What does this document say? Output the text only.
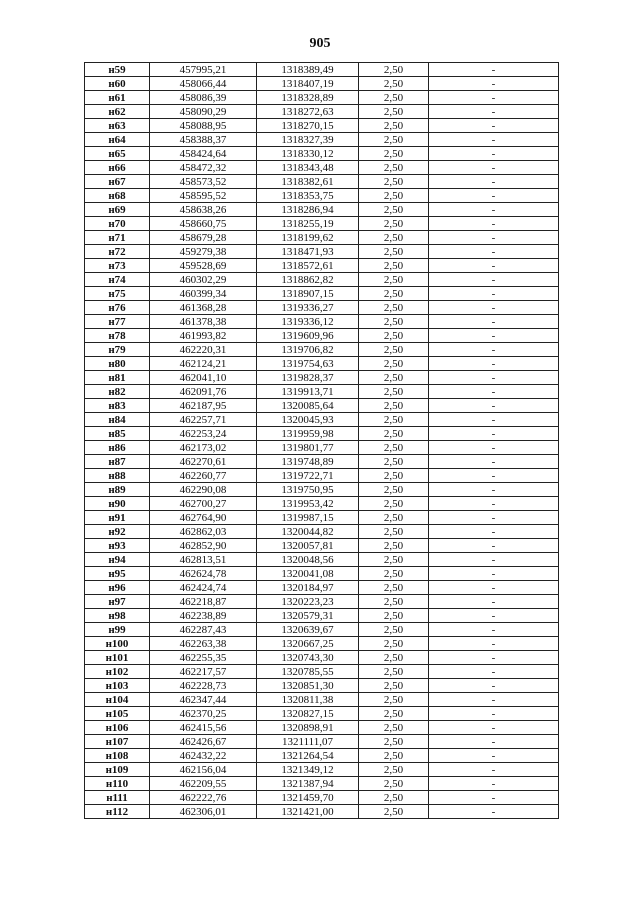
905
н59	457995,21	1318389,49	2,50	-
н60	458066,44	1318407,19	2,50	-
н61	458086,39	1318328,89	2,50	-
н62	458090,29	1318272,63	2,50	-
н63	458088,95	1318270,15	2,50	-
н64	458388,37	1318327,39	2,50	-
н65	458424,64	1318330,12	2,50	-
н66	458472,32	1318343,48	2,50	-
н67	458573,52	1318382,61	2,50	-
н68	458595,52	1318353,75	2,50	-
н69	458638,26	1318286,94	2,50	-
н70	458660,75	1318255,19	2,50	-
н71	458679,28	1318199,62	2,50	-
н72	459279,38	1318471,93	2,50	-
н73	459528,69	1318572,61	2,50	-
н74	460302,29	1318862,82	2,50	-
н75	460399,34	1318907,15	2,50	-
н76	461368,28	1319336,27	2,50	-
н77	461378,38	1319336,12	2,50	-
н78	461993,82	1319609,96	2,50	-
н79	462220,31	1319706,82	2,50	-
н80	462124,21	1319754,63	2,50	-
н81	462041,10	1319828,37	2,50	-
н82	462091,76	1319913,71	2,50	-
н83	462187,95	1320085,64	2,50	-
н84	462257,71	1320045,93	2,50	-
н85	462253,24	1319959,98	2,50	-
н86	462173,02	1319801,77	2,50	-
н87	462270,61	1319748,89	2,50	-
н88	462260,77	1319722,71	2,50	-
н89	462290,08	1319750,95	2,50	-
н90	462700,27	1319953,42	2,50	-
н91	462764,90	1319987,15	2,50	-
н92	462862,03	1320044,82	2,50	-
н93	462852,90	1320057,81	2,50	-
н94	462813,51	1320048,56	2,50	-
н95	462624,78	1320041,08	2,50	-
н96	462424,74	1320184,97	2,50	-
н97	462218,87	1320223,23	2,50	-
н98	462238,89	1320579,31	2,50	-
н99	462287,43	1320639,67	2,50	-
н100	462263,38	1320667,25	2,50	-
н101	462255,35	1320743,30	2,50	-
н102	462217,57	1320785,55	2,50	-
н103	462228,73	1320851,30	2,50	-
н104	462347,44	1320811,38	2,50	-
н105	462370,25	1320827,15	2,50	-
н106	462415,56	1320898,91	2,50	-
н107	462426,67	1321111,07	2,50	-
н108	462432,22	1321264,54	2,50	-
н109	462156,04	1321349,12	2,50	-
н110	462209,55	1321387,94	2,50	-
н111	462222,76	1321459,70	2,50	-
н112	462306,01	1321421,00	2,50	-
